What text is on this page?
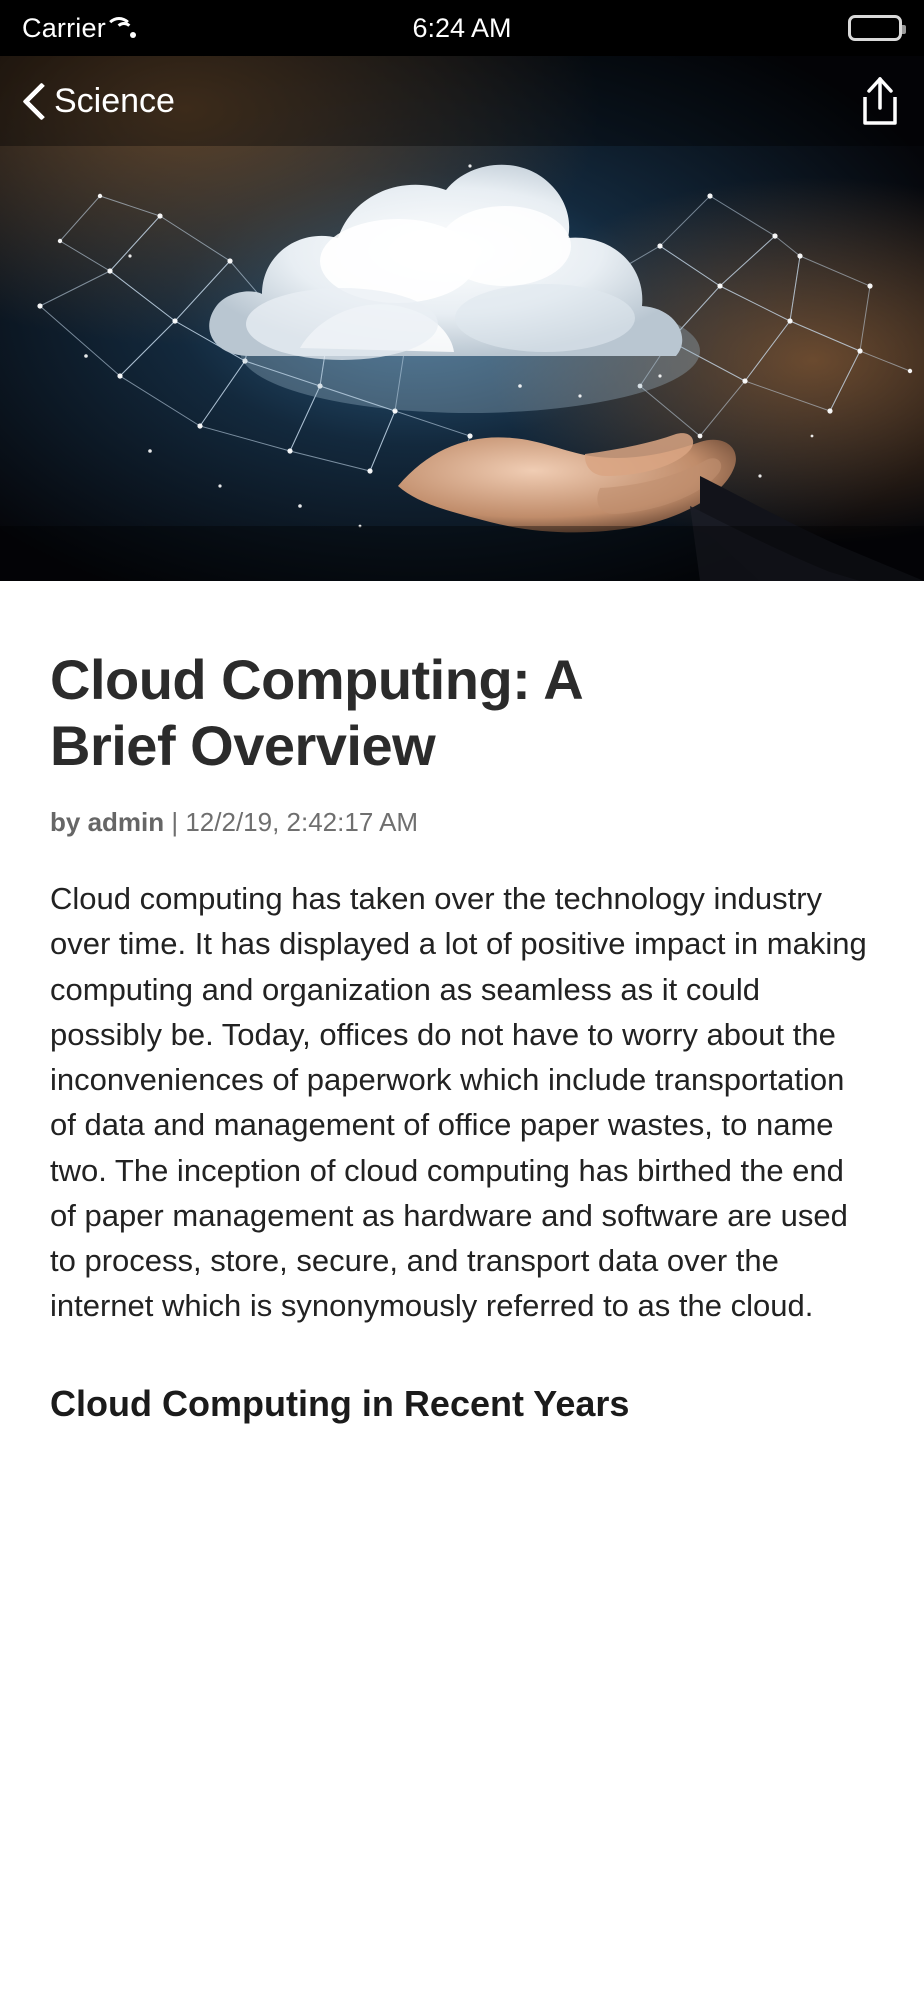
Carrier	6:24 AM
Science
Cloud Computing: A Brief Overview
by admin | 12/2/19, 2:42:17 AM

Cloud computing has taken over the technology industry over time. It has displayed a lot of positive impact in making computing and organization as seamless as it could possibly be. Today, offices do not have to worry about the inconveniences of paperwork which include transportation of data and management of office paper wastes, to name two. The inception of cloud computing has birthed the end of paper management as hardware and software are used to process, store, secure, and transport data over the internet which is synonymously referred to as the cloud.

Cloud Computing in Recent Years
